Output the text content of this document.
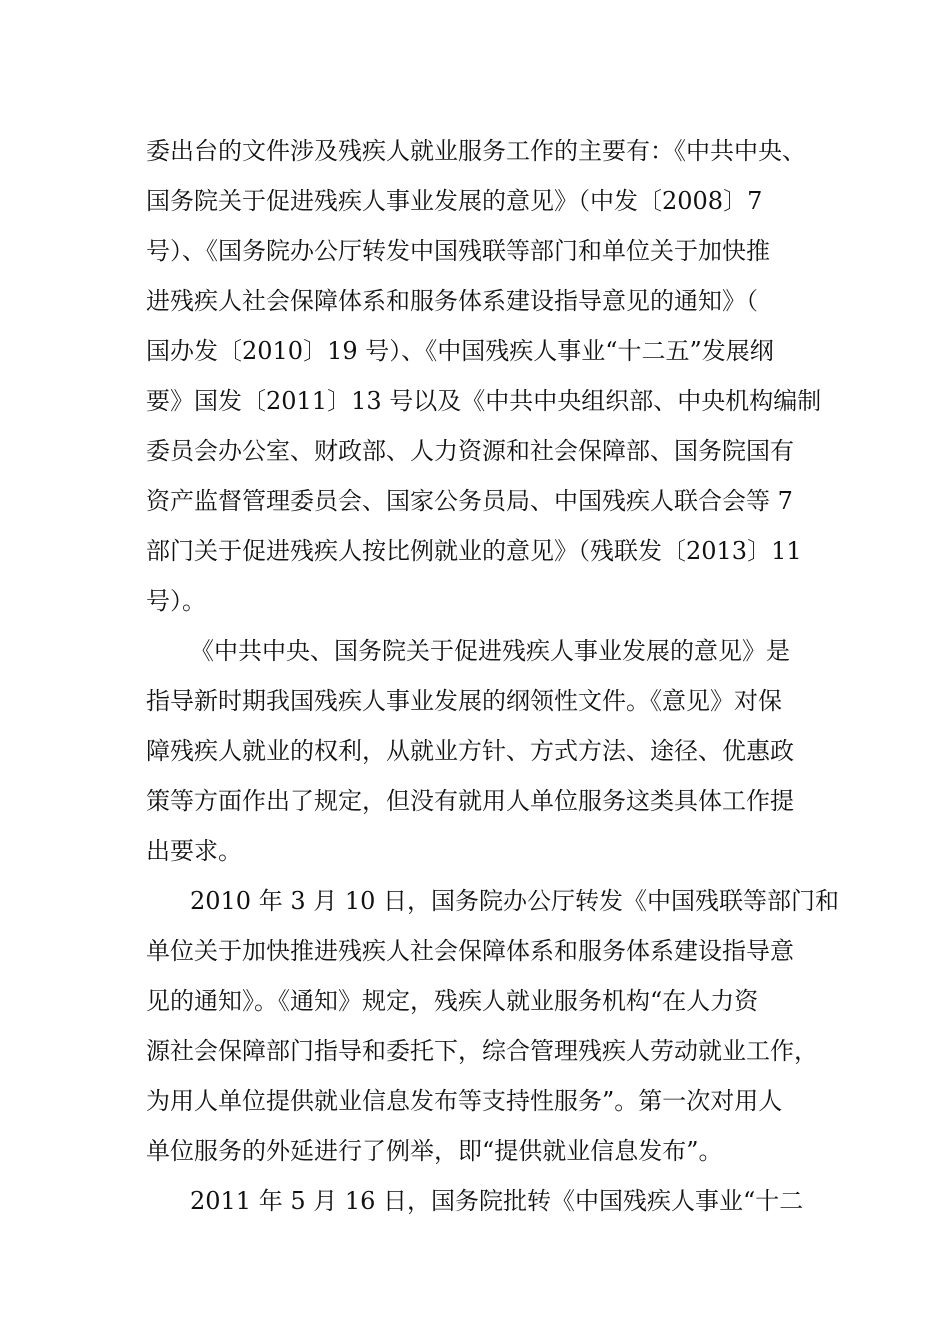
委出台的文件涉及残疾人就业服务工作的主要有：《中共中央、
国务院关于促进残疾人事业发展的意见》（中发〔2008〕7
号）、《国务院办公厅转发中国残联等部门和单位关于加快推
进残疾人社会保障体系和服务体系建设指导意见的通知》（
国办发〔2010〕19 号）、《中国残疾人事业“十二五”发展纲
要》国发〔2011〕13 号以及《中共中央组织部、中央机构编制
委员会办公室、财政部、人力资源和社会保障部、国务院国有
资产监督管理委员会、国家公务员局、中国残疾人联合会等 7
部门关于促进残疾人按比例就业的意见》（残联发〔2013〕11
号）。
《中共中央、国务院关于促进残疾人事业发展的意见》是
指导新时期我国残疾人事业发展的纲领性文件。《意见》对保
障残疾人就业的权利，从就业方针、方式方法、途径、优惠政
策等方面作出了规定，但没有就用人单位服务这类具体工作提
出要求。
2010 年 3 月 10 日，国务院办公厅转发《中国残联等部门和
单位关于加快推进残疾人社会保障体系和服务体系建设指导意
见的通知》。《通知》规定，残疾人就业服务机构“在人力资
源社会保障部门指导和委托下，综合管理残疾人劳动就业工作，
为用人单位提供就业信息发布等支持性服务”。第一次对用人
单位服务的外延进行了例举，即“提供就业信息发布”。
2011 年 5 月 16 日，国务院批转《中国残疾人事业“十二
